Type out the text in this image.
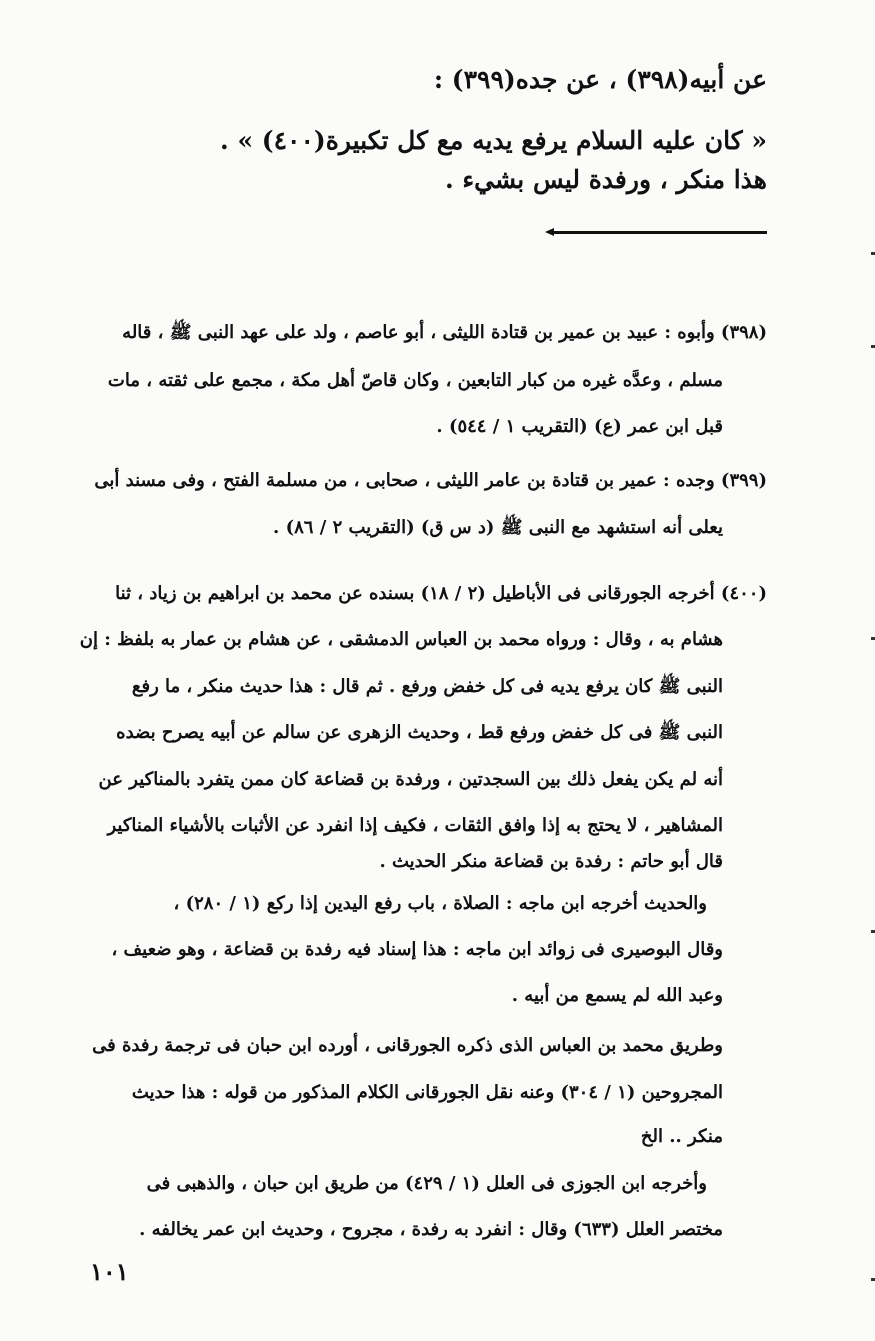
عن أبيه(٣٩٨) ، عن جده(٣٩٩) :
« كان عليه السلام يرفع يديه مع كل تكبيرة(٤٠٠) » .
هذا منكر ، ورفدة ليس بشيء .
(٣٩٨) وأبوه : عبيد بن عمير بن قتادة الليثى ، أبو عاصم ، ولد على عهد النبى ﷺ ، قاله
مسلم ، وعدَّه غيره من كبار التابعين ، وكان قاصّ أهل مكة ، مجمع على ثقته ، مات
قبل ابن عمر (ع) (التقريب ١ / ٥٤٤) .
(٣٩٩) وجده : عمير بن قتادة بن عامر الليثى ، صحابى ، من مسلمة الفتح ، وفى مسند أبى
يعلى أنه استشهد مع النبى ﷺ (د س ق) (التقريب ٢ / ٨٦) .
(٤٠٠) أخرجه الجورقانى فى الأباطيل (٢ / ١٨) بسنده عن محمد بن ابراهيم بن زياد ، ثنا
هشام به ، وقال : ورواه محمد بن العباس الدمشقى ، عن هشام بن عمار به بلفظ : إن
النبى ﷺ كان يرفع يديه فى كل خفض ورفع . ثم قال : هذا حديث منكر ، ما رفع
النبى ﷺ فى كل خفض ورفع قط ، وحديث الزهرى عن سالم عن أبيه يصرح بضده
أنه لم يكن يفعل ذلك بين السجدتين ، ورفدة بن قضاعة كان ممن يتفرد بالمناكير عن
المشاهير ، لا يحتج به إذا وافق الثقات ، فكيف إذا انفرد عن الأثبات بالأشياء المناكير
قال أبو حاتم : رفدة بن قضاعة منكر الحديث .
والحديث أخرجه ابن ماجه : الصلاة ، باب رفع اليدين إذا ركع (١ / ٢٨٠) ،
وقال البوصيرى فى زوائد ابن ماجه : هذا إسناد فيه رفدة بن قضاعة ، وهو ضعيف ،
وعبد الله لم يسمع من أبيه .
وطريق محمد بن العباس الذى ذكره الجورقانى ، أورده ابن حبان فى ترجمة رفدة فى
المجروحين (١ / ٣٠٤) وعنه نقل الجورقانى الكلام المذكور من قوله : هذا حديث
منكر .. الخ
وأخرجه ابن الجوزى فى العلل (١ / ٤٢٩) من طريق ابن حبان ، والذهبى فى
مختصر العلل (٦٣٣) وقال : انفرد به رفدة ، مجروح ، وحديث ابن عمر يخالفه .
١٠١
